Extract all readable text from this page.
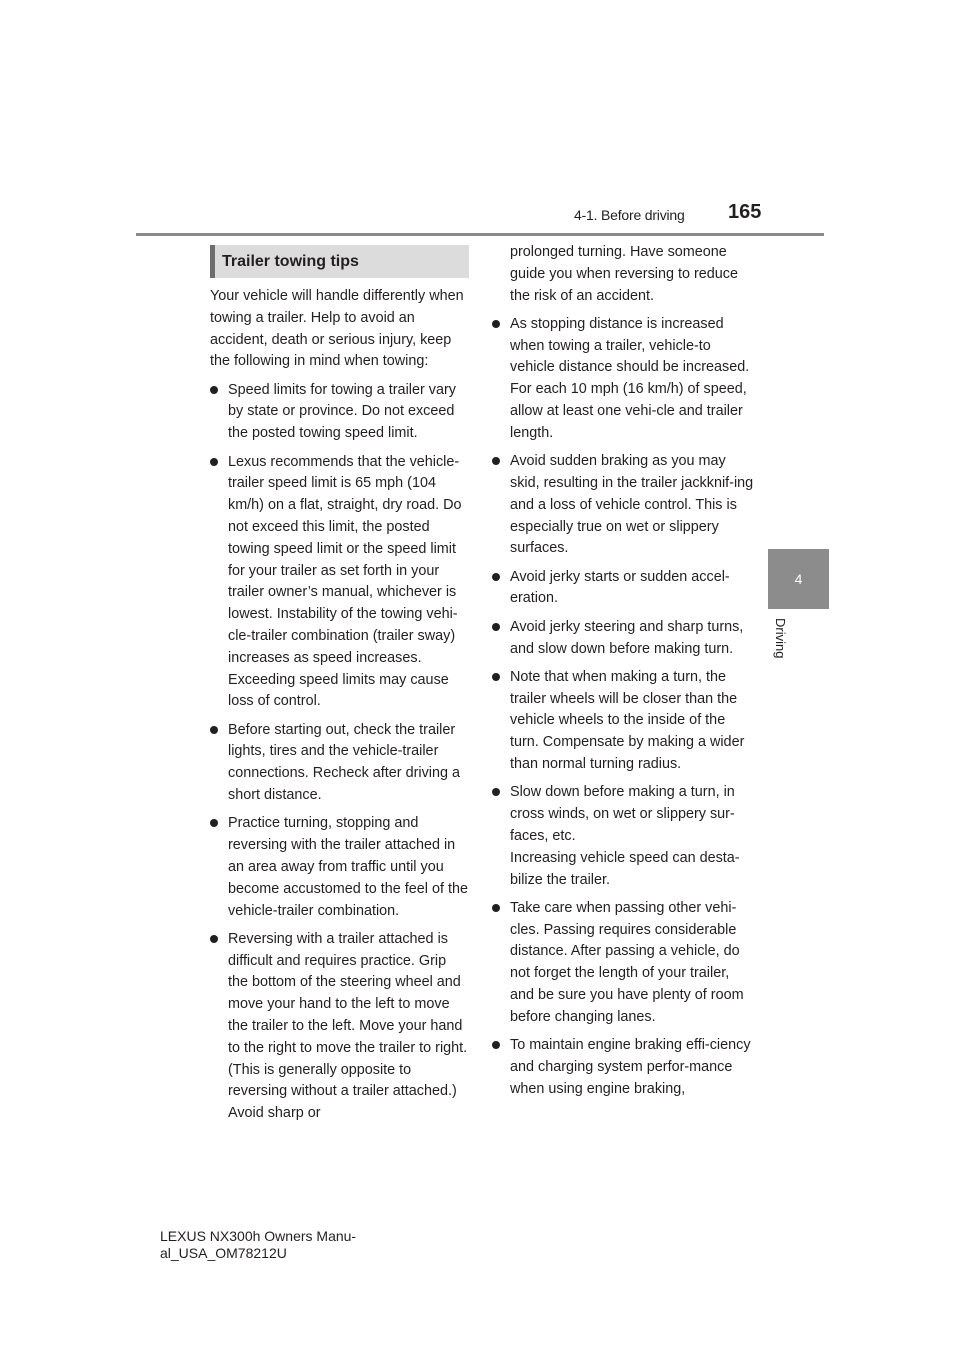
4-1. Before driving 165
4
Driving
Trailer towing tips

Your vehicle will handle differently when towing a trailer. Help to avoid an accident, death or serious injury, keep the following in mind when towing:

Speed limits for towing a trailer vary by state or province. Do not exceed the posted towing speed limit.
Lexus recommends that the vehicle-trailer speed limit is 65 mph (104 km/h) on a flat, straight, dry road. Do not exceed this limit, the posted towing speed limit or the speed limit for your trailer as set forth in your trailer owner’s manual, whichever is lowest. Instability of the towing vehi-cle-trailer combination (trailer sway) increases as speed increases. Exceeding speed limits may cause loss of control.
Before starting out, check the trailer lights, tires and the vehicle-trailer connections. Recheck after driving a short distance.
Practice turning, stopping and reversing with the trailer attached in an area away from traffic until you become accustomed to the feel of the vehicle-trailer combination.
Reversing with a trailer attached is difficult and requires practice. Grip the bottom of the steering wheel and move your hand to the left to move the trailer to the left. Move your hand to the right to move the trailer to right. (This is generally opposite to reversing without a trailer attached.) Avoid sharp or
prolonged turning. Have someone guide you when reversing to reduce the risk of an accident.
As stopping distance is increased when towing a trailer, vehicle-to vehicle distance should be increased. For each 10 mph (16 km/h) of speed, allow at least one vehi-cle and trailer length.
Avoid sudden braking as you may skid, resulting in the trailer jackknif-ing and a loss of vehicle control. This is especially true on wet or slippery surfaces.
Avoid jerky starts or sudden accel-eration.
Avoid jerky steering and sharp turns, and slow down before making turn.
Note that when making a turn, the trailer wheels will be closer than the vehicle wheels to the inside of the turn. Compensate by making a wider than normal turning radius.
Slow down before making a turn, in cross winds, on wet or slippery sur-faces, etc.
Increasing vehicle speed can desta-bilize the trailer.
Take care when passing other vehi-cles. Passing requires considerable distance. After passing a vehicle, do not forget the length of your trailer, and be sure you have plenty of room before changing lanes.
To maintain engine braking effi-ciency and charging system perfor-mance when using engine braking,
LEXUS NX300h Owners Manu-al_USA_OM78212U
